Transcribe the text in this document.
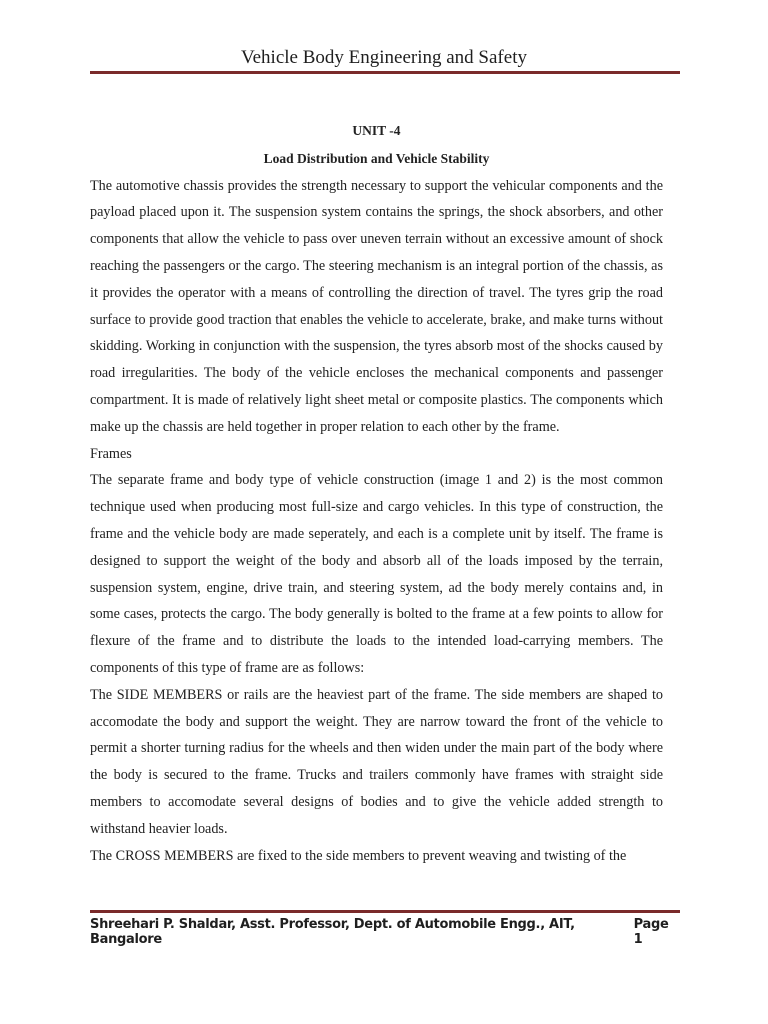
Vehicle Body Engineering and Safety
UNIT -4
Load Distribution and Vehicle Stability

The automotive chassis provides the strength necessary to support the vehicular components and the payload placed upon it. The suspension system contains the springs, the shock absorbers, and other components that allow the vehicle to pass over uneven terrain without an excessive amount of shock reaching the passengers or the cargo. The steering mechanism is an integral portion of the chassis, as it provides the operator with a means of controlling the direction of travel. The tyres grip the road surface to provide good traction that enables the vehicle to accelerate, brake, and make turns without skidding. Working in conjunction with the suspension, the tyres absorb most of the shocks caused by road irregularities. The body of the vehicle encloses the mechanical components and passenger compartment. It is made of relatively light sheet metal or composite plastics. The components which make up the chassis are held together in proper relation to each other by the frame.

Frames

The separate frame and body type of vehicle construction (image 1 and 2) is the most common technique used when producing most full-size and cargo vehicles. In this type of construction, the frame and the vehicle body are made seperately, and each is a complete unit by itself. The frame is designed to support the weight of the body and absorb all of the loads imposed by the terrain, suspension system, engine, drive train, and steering system, ad the body merely contains and, in some cases, protects the cargo. The body generally is bolted to the frame at a few points to allow for flexure of the frame and to distribute the loads to the intended load-carrying members. The components of this type of frame are as follows:

The SIDE MEMBERS or rails are the heaviest part of the frame. The side members are shaped to accomodate the body and support the weight. They are narrow toward the front of the vehicle to permit a shorter turning radius for the wheels and then widen under the main part of the body where the body is secured to the frame. Trucks and trailers commonly have frames with straight side members to accomodate several designs of bodies and to give the vehicle added strength to withstand heavier loads.

The CROSS MEMBERS are fixed to the side members to prevent weaving and twisting of the

Shreehari P. Shaldar, Asst. Professor, Dept. of Automobile Engg., AIT, Bangalore
Page 1
